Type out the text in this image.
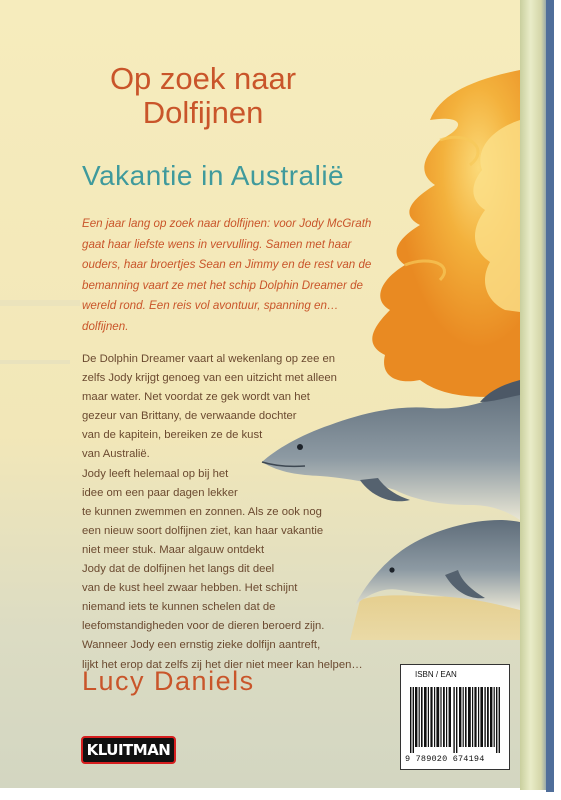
Op zoek naar
Dolfijnen
Vakantie in Australië
Een jaar lang op zoek naar dolfijnen: voor Jody McGrath
gaat haar liefste wens in vervulling. Samen met haar
ouders, haar broertjes Sean en Jimmy en de rest van de
bemanning vaart ze met het schip Dolphin Dreamer de
wereld rond. Een reis vol avontuur, spanning en…
dolfijnen.
De Dolphin Dreamer vaart al wekenlang op zee en
zelfs Jody krijgt genoeg van een uitzicht met alleen
maar water. Net voordat ze gek wordt van het
gezeur van Brittany, de verwaande dochter
van de kapitein, bereiken ze de kust
van Australië.
Jody leeft helemaal op bij het
idee om een paar dagen lekker
te kunnen zwemmen en zonnen. Als ze ook nog
een nieuw soort dolfijnen ziet, kan haar vakantie
niet meer stuk. Maar algauw ontdekt
Jody dat de dolfijnen het langs dit deel
van de kust heel zwaar hebben. Het schijnt
niemand iets te kunnen schelen dat de
leefomstandigheden voor de dieren beroerd zijn.
Wanneer Jody een ernstig zieke dolfijn aantreft,
lijkt het erop dat zelfs zij het dier niet meer kan helpen…
Lucy Daniels
KLUITMAN
ISBN / EAN
9 789020 674194
